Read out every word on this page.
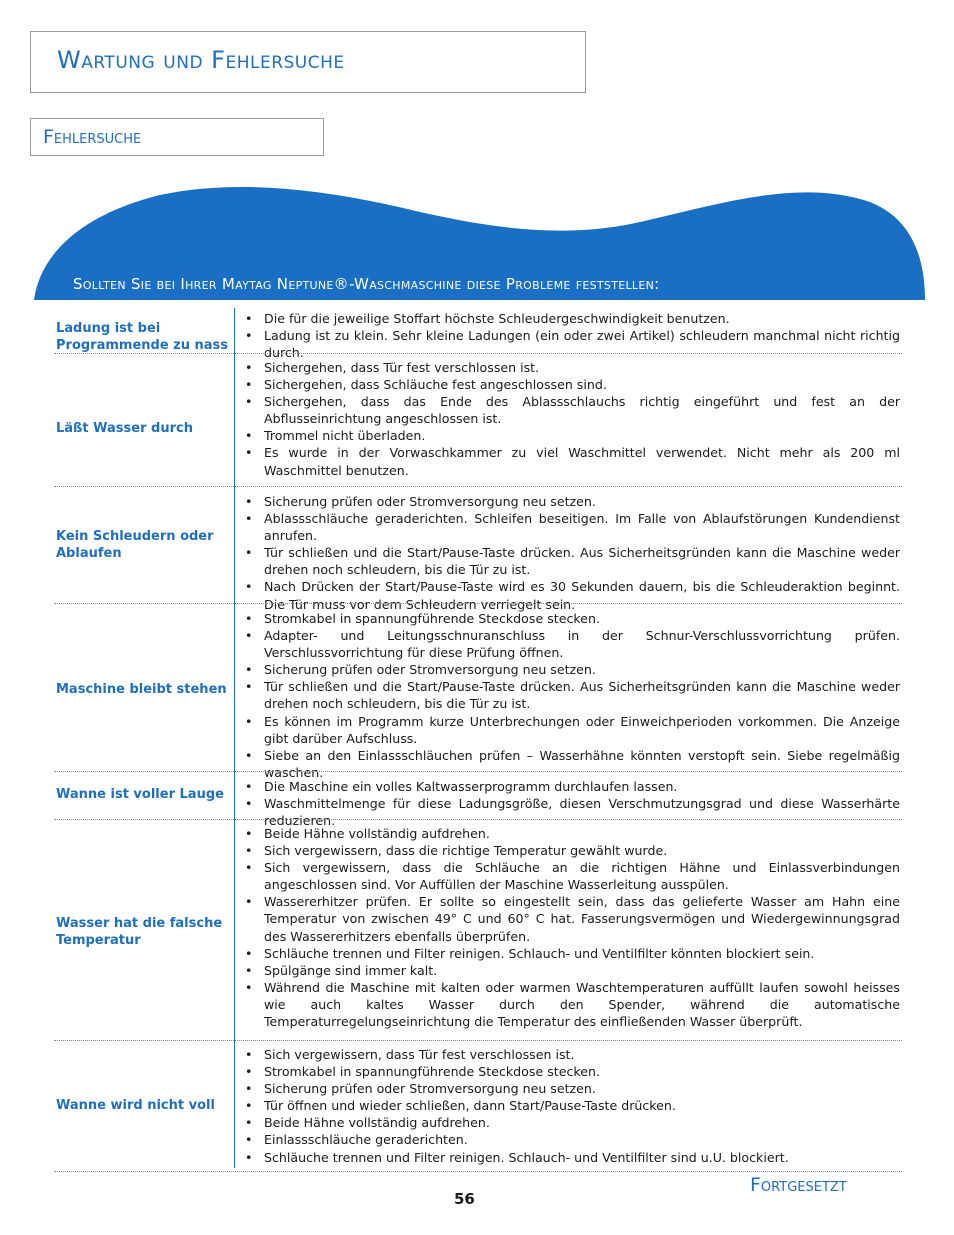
Wartung und Fehlersuche
Fehlersuche
Sollten Sie bei Ihrer Maytag Neptune®-Waschmaschine diese Probleme feststellen:
Ladung ist bei Programmende zu nass
• Die für die jeweilige Stoffart höchste Schleudergeschwindigkeit benutzen.
• Ladung ist zu klein. Sehr kleine Ladungen (ein oder zwei Artikel) schleudern manchmal nicht richtig durch.
Läßt Wasser durch
• Sichergehen, dass Tür fest verschlossen ist.
• Sichergehen, dass Schläuche fest angeschlossen sind.
• Sichergehen, dass das Ende des Ablassschlauchs richtig eingeführt und fest an der Abflusseinrichtung angeschlossen ist.
• Trommel nicht überladen.
• Es wurde in der Vorwaschkammer zu viel Waschmittel verwendet. Nicht mehr als 200 ml Waschmittel benutzen.
Kein Schleudern oder Ablaufen
• Sicherung prüfen oder Stromversorgung neu setzen.
• Ablassschläuche geraderichten. Schleifen beseitigen. Im Falle von Ablaufstörungen Kundendienst anrufen.
• Tür schließen und die Start/Pause-Taste drücken. Aus Sicherheitsgründen kann die Maschine weder drehen noch schleudern, bis die Tür zu ist.
• Nach Drücken der Start/Pause-Taste wird es 30 Sekunden dauern, bis die Schleuderaktion beginnt. Die Tür muss vor dem Schleudern verriegelt sein.
Maschine bleibt stehen
• Stromkabel in spannungführende Steckdose stecken.
• Adapter- und Leitungsschnuranschluss in der Schnur-Verschlussvorrichtung prüfen. Verschlussvorrichtung für diese Prüfung öffnen.
• Sicherung prüfen oder Stromversorgung neu setzen.
• Tür schließen und die Start/Pause-Taste drücken. Aus Sicherheitsgründen kann die Maschine weder drehen noch schleudern, bis die Tür zu ist.
• Es können im Programm kurze Unterbrechungen oder Einweichperioden vorkommen. Die Anzeige gibt darüber Aufschluss.
• Siebe an den Einlassschläuchen prüfen – Wasserhähne könnten verstopft sein. Siebe regelmäßig waschen.
Wanne ist voller Lauge
• Die Maschine ein volles Kaltwasserprogramm durchlaufen lassen.
• Waschmittelmenge für diese Ladungsgröße, diesen Verschmutzungsgrad und diese Wasserhärte reduzieren.
Wasser hat die falsche Temperatur
• Beide Hähne vollständig aufdrehen.
• Sich vergewissern, dass die richtige Temperatur gewählt wurde.
• Sich vergewissern, dass die Schläuche an die richtigen Hähne und Einlassverbindungen angeschlossen sind. Vor Auffüllen der Maschine Wasserleitung ausspülen.
• Wassererhitzer prüfen. Er sollte so eingestellt sein, dass das gelieferte Wasser am Hahn eine Temperatur von zwischen 49° C und 60° C hat. Fasserungsvermögen und Wiedergewinnungsgrad des Wassererhitzers ebenfalls überprüfen.
• Schläuche trennen und Filter reinigen. Schlauch- und Ventilfilter könnten blockiert sein.
• Spülgänge sind immer kalt.
• Während die Maschine mit kalten oder warmen Waschtemperaturen auffüllt laufen sowohl heisses wie auch kaltes Wasser durch den Spender, während die automatische Temperaturregelungseinrichtung die Temperatur des einfließenden Wasser überprüft.
Wanne wird nicht voll
• Sich vergewissern, dass Tür fest verschlossen ist.
• Stromkabel in spannungführende Steckdose stecken.
• Sicherung prüfen oder Stromversorgung neu setzen.
• Tür öffnen und wieder schließen, dann Start/Pause-Taste drücken.
• Beide Hähne vollständig aufdrehen.
• Einlassschläuche geraderichten.
• Schläuche trennen und Filter reinigen. Schlauch- und Ventilfilter sind u.U. blockiert.
56
Fortgesetzt
